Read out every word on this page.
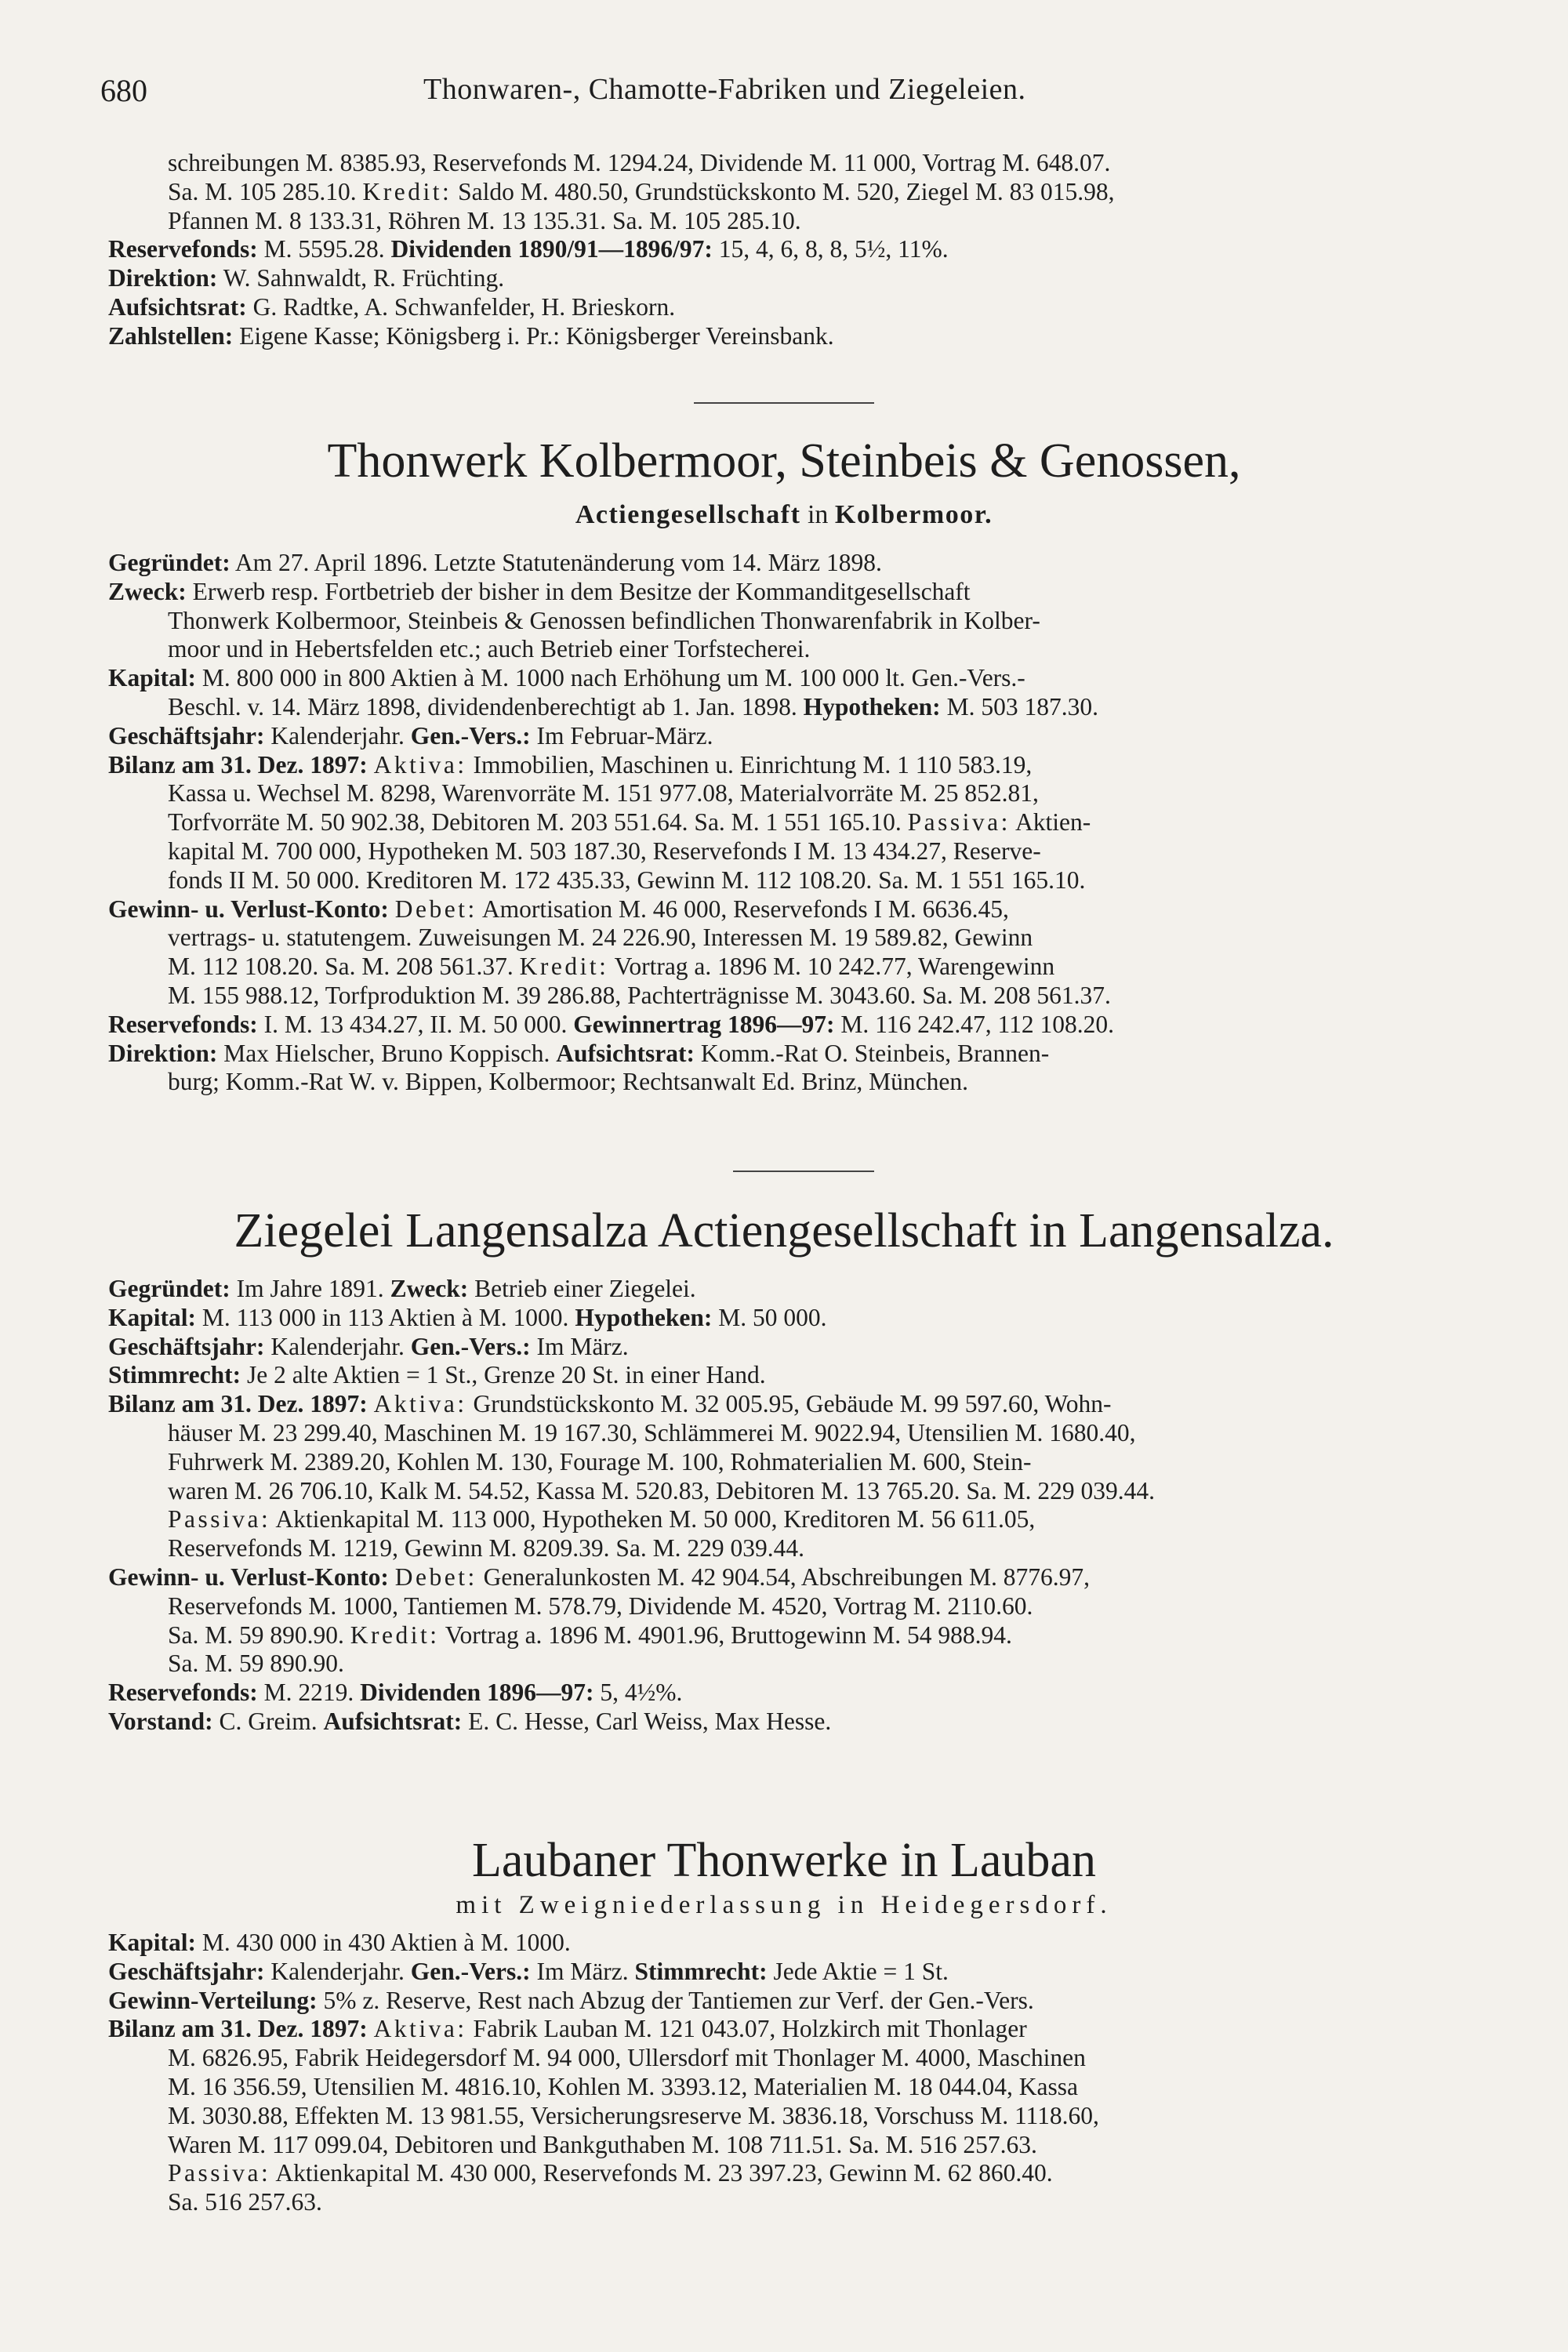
680	Thonwaren-, Chamotte-Fabriken und Ziegeleien.

schreibungen M. 8385.93, Reservefonds M. 1294.24, Dividende M. 11 000, Vortrag M. 648.07.

Sa. M. 105 285.10. Kredit: Saldo M. 480.50, Grundstückskonto M. 520, Ziegel M. 83 015.98,

Pfannen M. 8 133.31, Röhren M. 13 135.31. Sa. M. 105 285.10.

Reservefonds: M. 5595.28. Dividenden 1890/91—1896/97: 15, 4, 6, 8, 8, 5½, 11%.

Direktion: W. Sahnwaldt, R. Früchting.

Aufsichtsrat: G. Radtke, A. Schwanfelder, H. Brieskorn.

Zahlstellen: Eigene Kasse; Königsberg i. Pr.: Königsberger Vereinsbank.

Thonwerk Kolbermoor, Steinbeis & Genossen,
Actiengesellschaft in Kolbermoor.

Gegründet: Am 27. April 1896. Letzte Statutenänderung vom 14. März 1898.

Zweck: Erwerb resp. Fortbetrieb der bisher in dem Besitze der Kommanditgesellschaft

Thonwerk Kolbermoor, Steinbeis & Genossen befindlichen Thonwarenfabrik in Kolber-

moor und in Hebertsfelden etc.; auch Betrieb einer Torfstecherei.

Kapital: M. 800 000 in 800 Aktien à M. 1000 nach Erhöhung um M. 100 000 lt. Gen.-Vers.-

Beschl. v. 14. März 1898, dividendenberechtigt ab 1. Jan. 1898. Hypotheken: M. 503 187.30.

Geschäftsjahr: Kalenderjahr. Gen.-Vers.: Im Februar-März.

Bilanz am 31. Dez. 1897: Aktiva: Immobilien, Maschinen u. Einrichtung M. 1 110 583.19,

Kassa u. Wechsel M. 8298, Warenvorräte M. 151 977.08, Materialvorräte M. 25 852.81,

Torfvorräte M. 50 902.38, Debitoren M. 203 551.64. Sa. M. 1 551 165.10. Passiva: Aktien-

kapital M. 700 000, Hypotheken M. 503 187.30, Reservefonds I M. 13 434.27, Reserve-

fonds II M. 50 000. Kreditoren M. 172 435.33, Gewinn M. 112 108.20. Sa. M. 1 551 165.10.

Gewinn- u. Verlust-Konto: Debet: Amortisation M. 46 000, Reservefonds I M. 6636.45,

vertrags- u. statutengem. Zuweisungen M. 24 226.90, Interessen M. 19 589.82, Gewinn

M. 112 108.20. Sa. M. 208 561.37. Kredit: Vortrag a. 1896 M. 10 242.77, Warengewinn

M. 155 988.12, Torfproduktion M. 39 286.88, Pachterträgnisse M. 3043.60. Sa. M. 208 561.37.

Reservefonds: I. M. 13 434.27, II. M. 50 000. Gewinnertrag 1896—97: M. 116 242.47, 112 108.20.

Direktion: Max Hielscher, Bruno Koppisch. Aufsichtsrat: Komm.-Rat O. Steinbeis, Brannen-

burg; Komm.-Rat W. v. Bippen, Kolbermoor; Rechtsanwalt Ed. Brinz, München.

Ziegelei Langensalza Actiengesellschaft in Langensalza.

Gegründet: Im Jahre 1891. Zweck: Betrieb einer Ziegelei.

Kapital: M. 113 000 in 113 Aktien à M. 1000. Hypotheken: M. 50 000.

Geschäftsjahr: Kalenderjahr. Gen.-Vers.: Im März.

Stimmrecht: Je 2 alte Aktien = 1 St., Grenze 20 St. in einer Hand.

Bilanz am 31. Dez. 1897: Aktiva: Grundstückskonto M. 32 005.95, Gebäude M. 99 597.60, Wohn-

häuser M. 23 299.40, Maschinen M. 19 167.30, Schlämmerei M. 9022.94, Utensilien M. 1680.40,

Fuhrwerk M. 2389.20, Kohlen M. 130, Fourage M. 100, Rohmaterialien M. 600, Stein-

waren M. 26 706.10, Kalk M. 54.52, Kassa M. 520.83, Debitoren M. 13 765.20. Sa. M. 229 039.44.

Passiva: Aktienkapital M. 113 000, Hypotheken M. 50 000, Kreditoren M. 56 611.05,

Reservefonds M. 1219, Gewinn M. 8209.39. Sa. M. 229 039.44.

Gewinn- u. Verlust-Konto: Debet: Generalunkosten M. 42 904.54, Abschreibungen M. 8776.97,

Reservefonds M. 1000, Tantiemen M. 578.79, Dividende M. 4520, Vortrag M. 2110.60.

Sa. M. 59 890.90. Kredit: Vortrag a. 1896 M. 4901.96, Bruttogewinn M. 54 988.94.

Sa. M. 59 890.90.

Reservefonds: M. 2219. Dividenden 1896—97: 5, 4½%.

Vorstand: C. Greim. Aufsichtsrat: E. C. Hesse, Carl Weiss, Max Hesse.

Laubaner Thonwerke in Lauban
mit Zweigniederlassung in Heidegersdorf.

Kapital: M. 430 000 in 430 Aktien à M. 1000.

Geschäftsjahr: Kalenderjahr. Gen.-Vers.: Im März. Stimmrecht: Jede Aktie = 1 St.

Gewinn-Verteilung: 5% z. Reserve, Rest nach Abzug der Tantiemen zur Verf. der Gen.-Vers.

Bilanz am 31. Dez. 1897: Aktiva: Fabrik Lauban M. 121 043.07, Holzkirch mit Thonlager

M. 6826.95, Fabrik Heidegersdorf M. 94 000, Ullersdorf mit Thonlager M. 4000, Maschinen

M. 16 356.59, Utensilien M. 4816.10, Kohlen M. 3393.12, Materialien M. 18 044.04, Kassa

M. 3030.88, Effekten M. 13 981.55, Versicherungsreserve M. 3836.18, Vorschuss M. 1118.60,

Waren M. 117 099.04, Debitoren und Bankguthaben M. 108 711.51. Sa. M. 516 257.63.

Passiva: Aktienkapital M. 430 000, Reservefonds M. 23 397.23, Gewinn M. 62 860.40.

Sa. 516 257.63.
